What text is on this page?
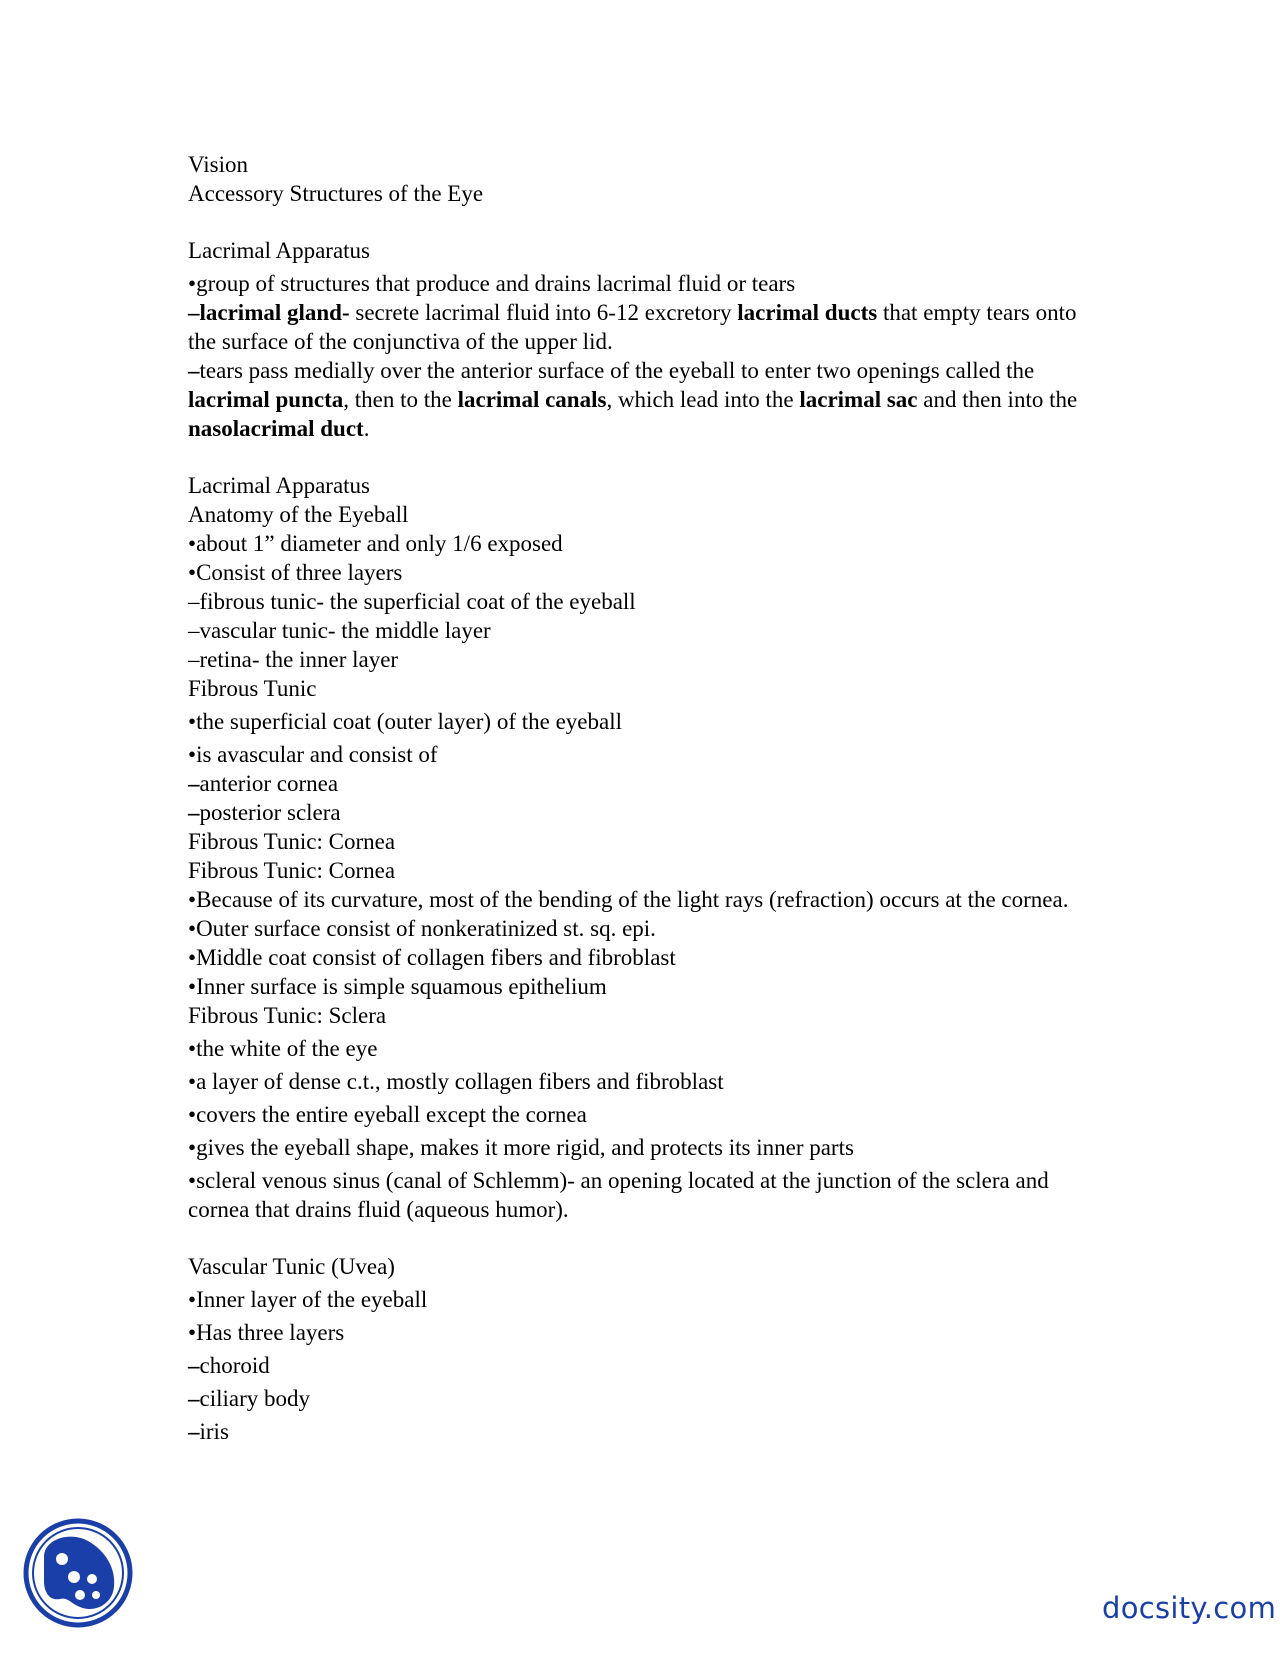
Vision
Accessory Structures of the Eye
Lacrimal Apparatus
•group of structures that produce and drains lacrimal fluid or tears
–lacrimal gland- secrete lacrimal fluid into 6-12 excretory lacrimal ducts that empty tears onto the surface of the conjunctiva of the upper lid.
–tears pass medially over the anterior surface of the eyeball to enter two openings called the lacrimal puncta, then to the lacrimal canals, which lead into the lacrimal sac and then into the nasolacrimal duct.
Lacrimal Apparatus
Anatomy of the Eyeball
•about 1” diameter and only 1/6 exposed
•Consist of three layers
–fibrous tunic- the superficial coat of the eyeball
–vascular tunic- the middle layer
–retina- the inner layer
Fibrous Tunic
•the superficial coat (outer layer) of the eyeball
•is avascular and consist of
–anterior cornea
–posterior sclera
Fibrous Tunic: Cornea
Fibrous Tunic: Cornea
•Because of its curvature, most of the bending of the light rays (refraction) occurs at the cornea.
•Outer surface consist of nonkeratinized st. sq. epi.
•Middle coat consist of collagen fibers and fibroblast
•Inner surface is simple squamous epithelium
Fibrous Tunic: Sclera
•the white of the eye
•a layer of dense c.t., mostly collagen fibers and fibroblast
•covers the entire eyeball except the cornea
•gives the eyeball shape, makes it more rigid, and protects its inner parts
•scleral venous sinus (canal of Schlemm)- an opening located at the junction of the sclera and cornea that drains fluid (aqueous humor).
Vascular Tunic (Uvea)
•Inner layer of the eyeball
•Has three layers
–choroid
–ciliary body
–iris
docsity.com
